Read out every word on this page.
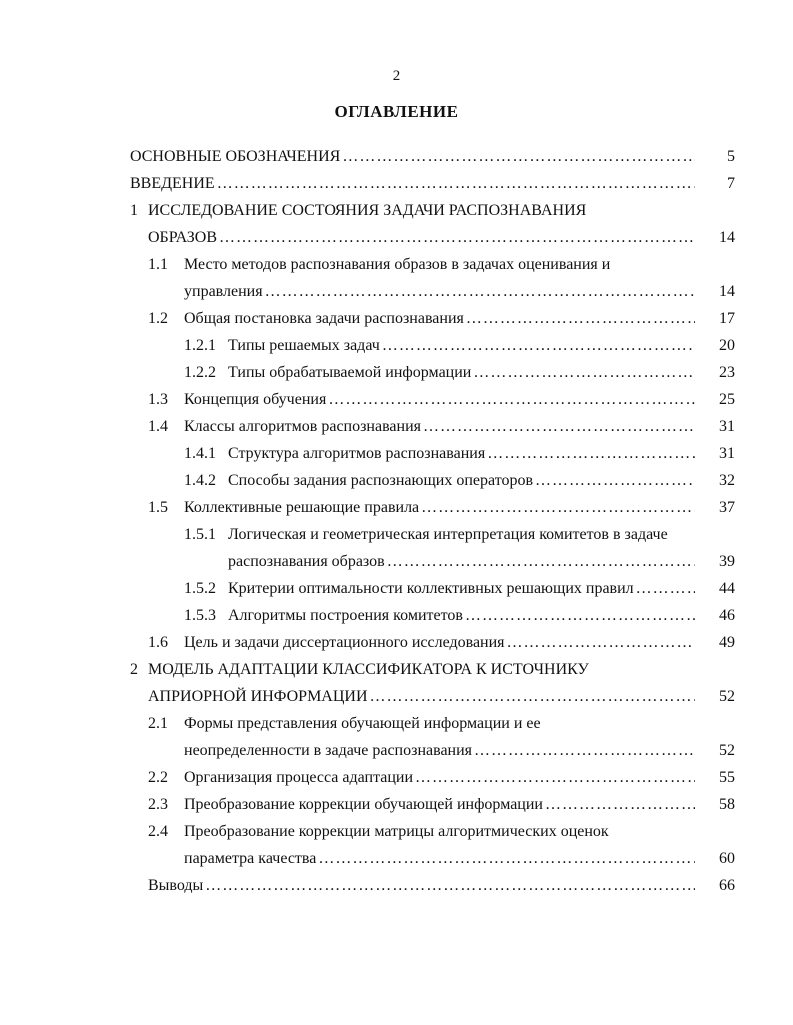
2
ОГЛАВЛЕНИЕ
ОСНОВНЫЕ ОБОЗНАЧЕНИЯ …………………………………………………………………………………………………………………………………………………	5
ВВЕДЕНИЕ …………………………………………………………………………………………………………………………………………………	7
1 ИССЛЕДОВАНИЕ СОСТОЯНИЯ ЗАДАЧИ РАСПОЗНАВАНИЯ
ОБРАЗОВ …………………………………………………………………………………………………………………………………………………	14
1.1 Место методов распознавания образов в задачах оценивания и
управления …………………………………………………………………………………………………………………………………………………	14
1.2	Общая постановка задачи распознавания …………………………………………………………………………………………………………………………………………………	17
1.2.1 Типы решаемых задач …………………………………………………………………………………………………………………………………………………	20
1.2.2 Типы обрабатываемой информации …………………………………………………………………………………………………………………………………………………	23
1.3	Концепция обучения …………………………………………………………………………………………………………………………………………………	25
1.4	Классы алгоритмов распознавания …………………………………………………………………………………………………………………………………………………	31
1.4.1 Структура алгоритмов распознавания …………………………………………………………………………………………………………………………………………………	31
1.4.2 Способы задания распознающих операторов …………………………………………………………………………………………………………………………………………………	32
1.5	Коллективные решающие правила …………………………………………………………………………………………………………………………………………………	37
1.5.1 Логическая и геометрическая интерпретация комитетов в задаче
распознавания образов …………………………………………………………………………………………………………………………………………………	39
1.5.2 Критерии оптимальности коллективных решающих правил …………………………………………………………………………………………………………………………………………………	44
1.5.3 Алгоритмы построения комитетов …………………………………………………………………………………………………………………………………………………	46
1.6	Цель и задачи диссертационного исследования …………………………………………………………………………………………………………………………………………………	49
2 МОДЕЛЬ АДАПТАЦИИ КЛАССИФИКАТОРА К ИСТОЧНИКУ
АПРИОРНОЙ ИНФОРМАЦИИ …………………………………………………………………………………………………………………………………………………	52
2.1 Формы представления обучающей информации и ее
неопределенности в задаче распознавания …………………………………………………………………………………………………………………………………………………	52
2.2	Организация процесса адаптации …………………………………………………………………………………………………………………………………………………	55
2.3	Преобразование коррекции обучающей информации …………………………………………………………………………………………………………………………………………………	58
2.4 Преобразование коррекции матрицы алгоритмических оценок
параметра качества …………………………………………………………………………………………………………………………………………………	60
Выводы …………………………………………………………………………………………………………………………………………………	66
